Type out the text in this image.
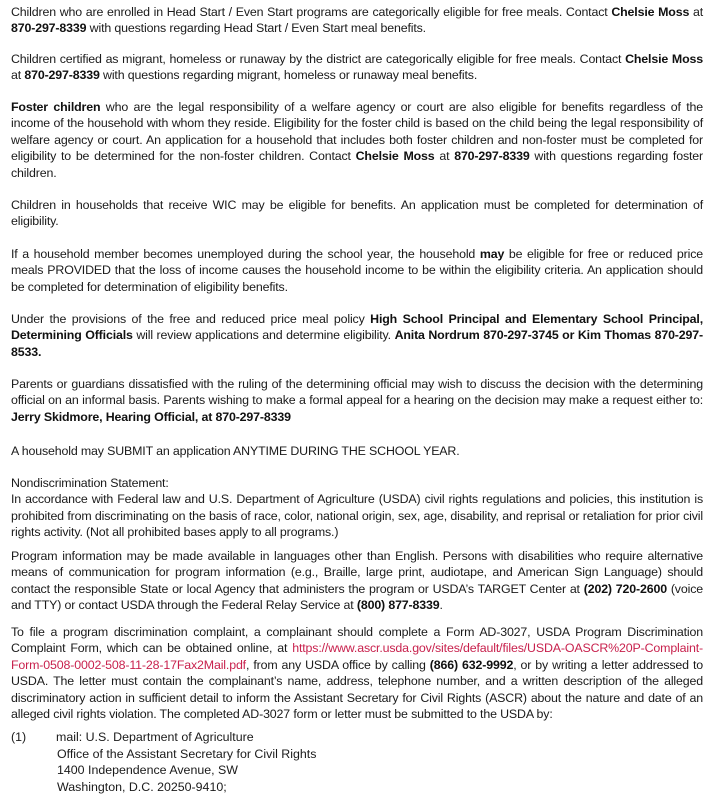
Children who are enrolled in Head Start / Even Start programs are categorically eligible for free meals. Contact Chelsie Moss at 870-297-8339 with questions regarding Head Start / Even Start meal benefits.

Children certified as migrant, homeless or runaway by the district are categorically eligible for free meals. Contact Chelsie Moss at 870-297-8339 with questions regarding migrant, homeless or runaway meal benefits.

Foster children who are the legal responsibility of a welfare agency or court are also eligible for benefits regardless of the income of the household with whom they reside. Eligibility for the foster child is based on the child being the legal responsibility of welfare agency or court. An application for a household that includes both foster children and non-foster must be completed for eligibility to be determined for the non-foster children. Contact Chelsie Moss at 870-297-8339 with questions regarding foster children.

Children in households that receive WIC may be eligible for benefits. An application must be completed for determination of eligibility.

If a household member becomes unemployed during the school year, the household may be eligible for free or reduced price meals PROVIDED that the loss of income causes the household income to be within the eligibility criteria. An application should be completed for determination of eligibility benefits.

Under the provisions of the free and reduced price meal policy High School Principal and Elementary School Principal, Determining Officials will review applications and determine eligibility. Anita Nordrum 870-297-3745 or Kim Thomas 870-297-8533.

Parents or guardians dissatisfied with the ruling of the determining official may wish to discuss the decision with the determining official on an informal basis. Parents wishing to make a formal appeal for a hearing on the decision may make a request either to: Jerry Skidmore, Hearing Official, at 870-297-8339

A household may SUBMIT an application ANYTIME DURING THE SCHOOL YEAR.

Nondiscrimination Statement:
In accordance with Federal law and U.S. Department of Agriculture (USDA) civil rights regulations and policies, this institution is prohibited from discriminating on the basis of race, color, national origin, sex, age, disability, and reprisal or retaliation for prior civil rights activity. (Not all prohibited bases apply to all programs.)

Program information may be made available in languages other than English. Persons with disabilities who require alternative means of communication for program information (e.g., Braille, large print, audiotape, and American Sign Language) should contact the responsible State or local Agency that administers the program or USDA’s TARGET Center at (202) 720-2600 (voice and TTY) or contact USDA through the Federal Relay Service at (800) 877-8339.

To file a program discrimination complaint, a complainant should complete a Form AD-3027, USDA Program Discrimination Complaint Form, which can be obtained online, at https://www.ascr.usda.gov/sites/default/files/USDA-OASCR%20P-Complaint-Form-0508-0002-508-11-28-17Fax2Mail.pdf, from any USDA office by calling (866) 632-9992, or by writing a letter addressed to USDA. The letter must contain the complainant’s name, address, telephone number, and a written description of the alleged discriminatory action in sufficient detail to inform the Assistant Secretary for Civil Rights (ASCR) about the nature and date of an alleged civil rights violation. The completed AD-3027 form or letter must be submitted to the USDA by:

(1) mail: U.S. Department of Agriculture
Office of the Assistant Secretary for Civil Rights
1400 Independence Avenue, SW
Washington, D.C. 20250-9410;
